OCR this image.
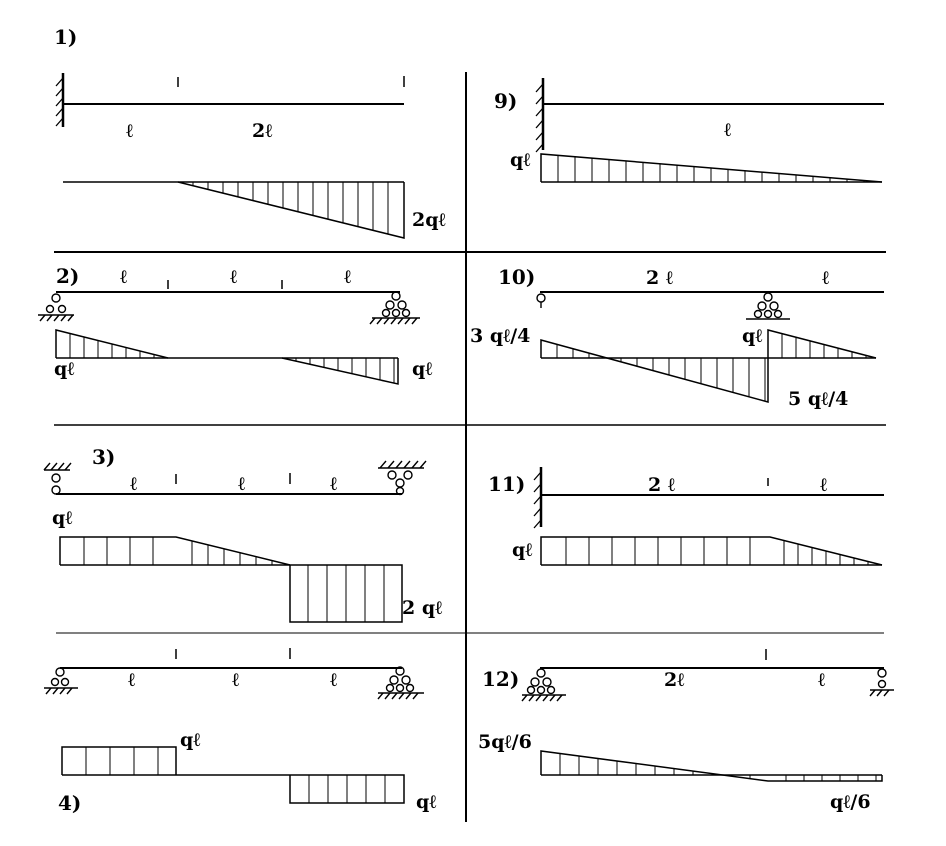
1)
ℓ	2ℓ
2qℓ
9)
ℓ
qℓ
2) ℓ	ℓ	ℓ
qℓ	qℓ
10)	2 ℓ	ℓ
3 qℓ/4	qℓ
5 qℓ/4
3)
ℓ	ℓ	ℓ
qℓ
2 qℓ
11)	2 ℓ	ℓ
qℓ
ℓ	ℓ	ℓ
qℓ
4)	qℓ
12)	2ℓ	ℓ
5qℓ/6
qℓ/6
